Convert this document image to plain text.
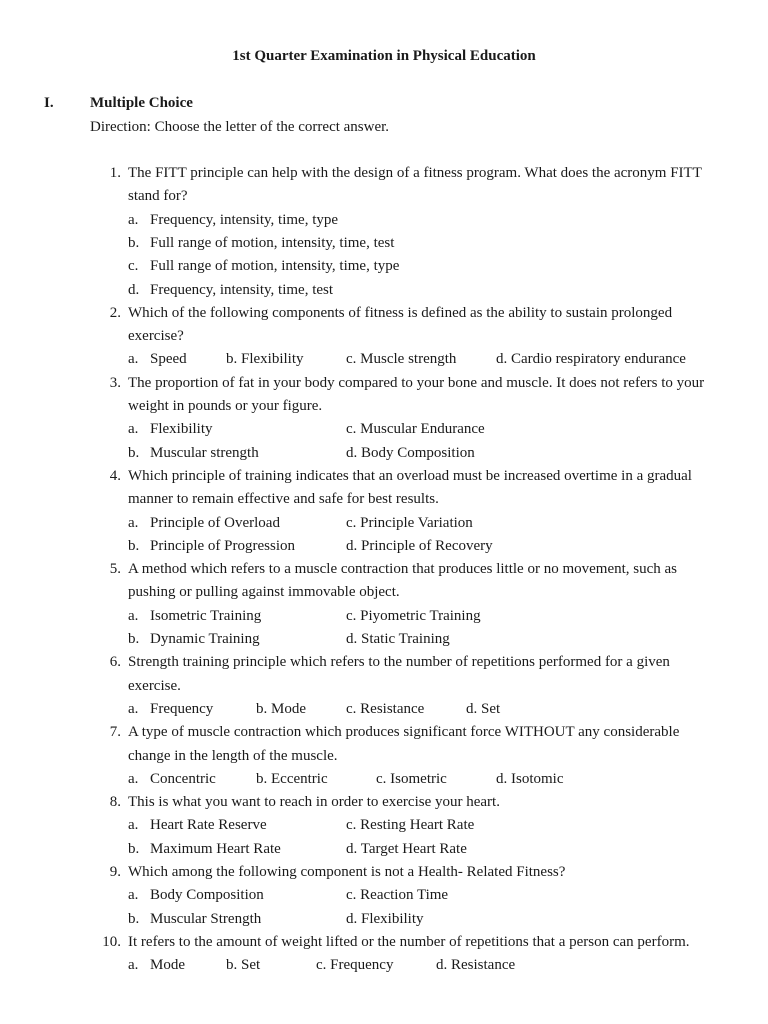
1st Quarter Examination in Physical Education
I. Multiple Choice
Direction: Choose the letter of the correct answer.
1. The FITT principle can help with the design of a fitness program. What does the acronym FITT
stand for?
a. Frequency, intensity, time, type
b. Full range of motion, intensity, time, test
c. Full range of motion, intensity, time, type
d. Frequency, intensity, time, test
2. Which of the following components of fitness is defined as the ability to sustain prolonged
exercise?
a. Speed	b. Flexibility	c. Muscle strength	d. Cardio respiratory endurance
3. The proportion of fat in your body compared to your bone and muscle. It does not refers to your
weight in pounds or your figure.
a. Flexibility	c. Muscular Endurance
b. Muscular strength	d. Body Composition
4. Which principle of training indicates that an overload must be increased overtime in a gradual
manner to remain effective and safe for best results.
a. Principle of Overload	c. Principle Variation
b. Principle of Progression	d. Principle of Recovery
5. A method which refers to a muscle contraction that produces little or no movement, such as
pushing or pulling against immovable object.
a. Isometric Training	c. Piyometric Training
b. Dynamic Training	d. Static Training
6. Strength training principle which refers to the number of repetitions performed for a given
exercise.
a. Frequency	b. Mode	c. Resistance	d. Set
7. A type of muscle contraction which produces significant force WITHOUT any considerable
change in the length of the muscle.
a. Concentric	b. Eccentric	c. Isometric	d. Isotomic
8. This is what you want to reach in order to exercise your heart.
a. Heart Rate Reserve	c. Resting Heart Rate
b. Maximum Heart Rate	d. Target Heart Rate
9. Which among the following component is not a Health- Related Fitness?
a. Body Composition	c. Reaction Time
b. Muscular Strength	d. Flexibility
10. It refers to the amount of weight lifted or the number of repetitions that a person can perform.
a. Mode	b. Set	c. Frequency	d. Resistance
